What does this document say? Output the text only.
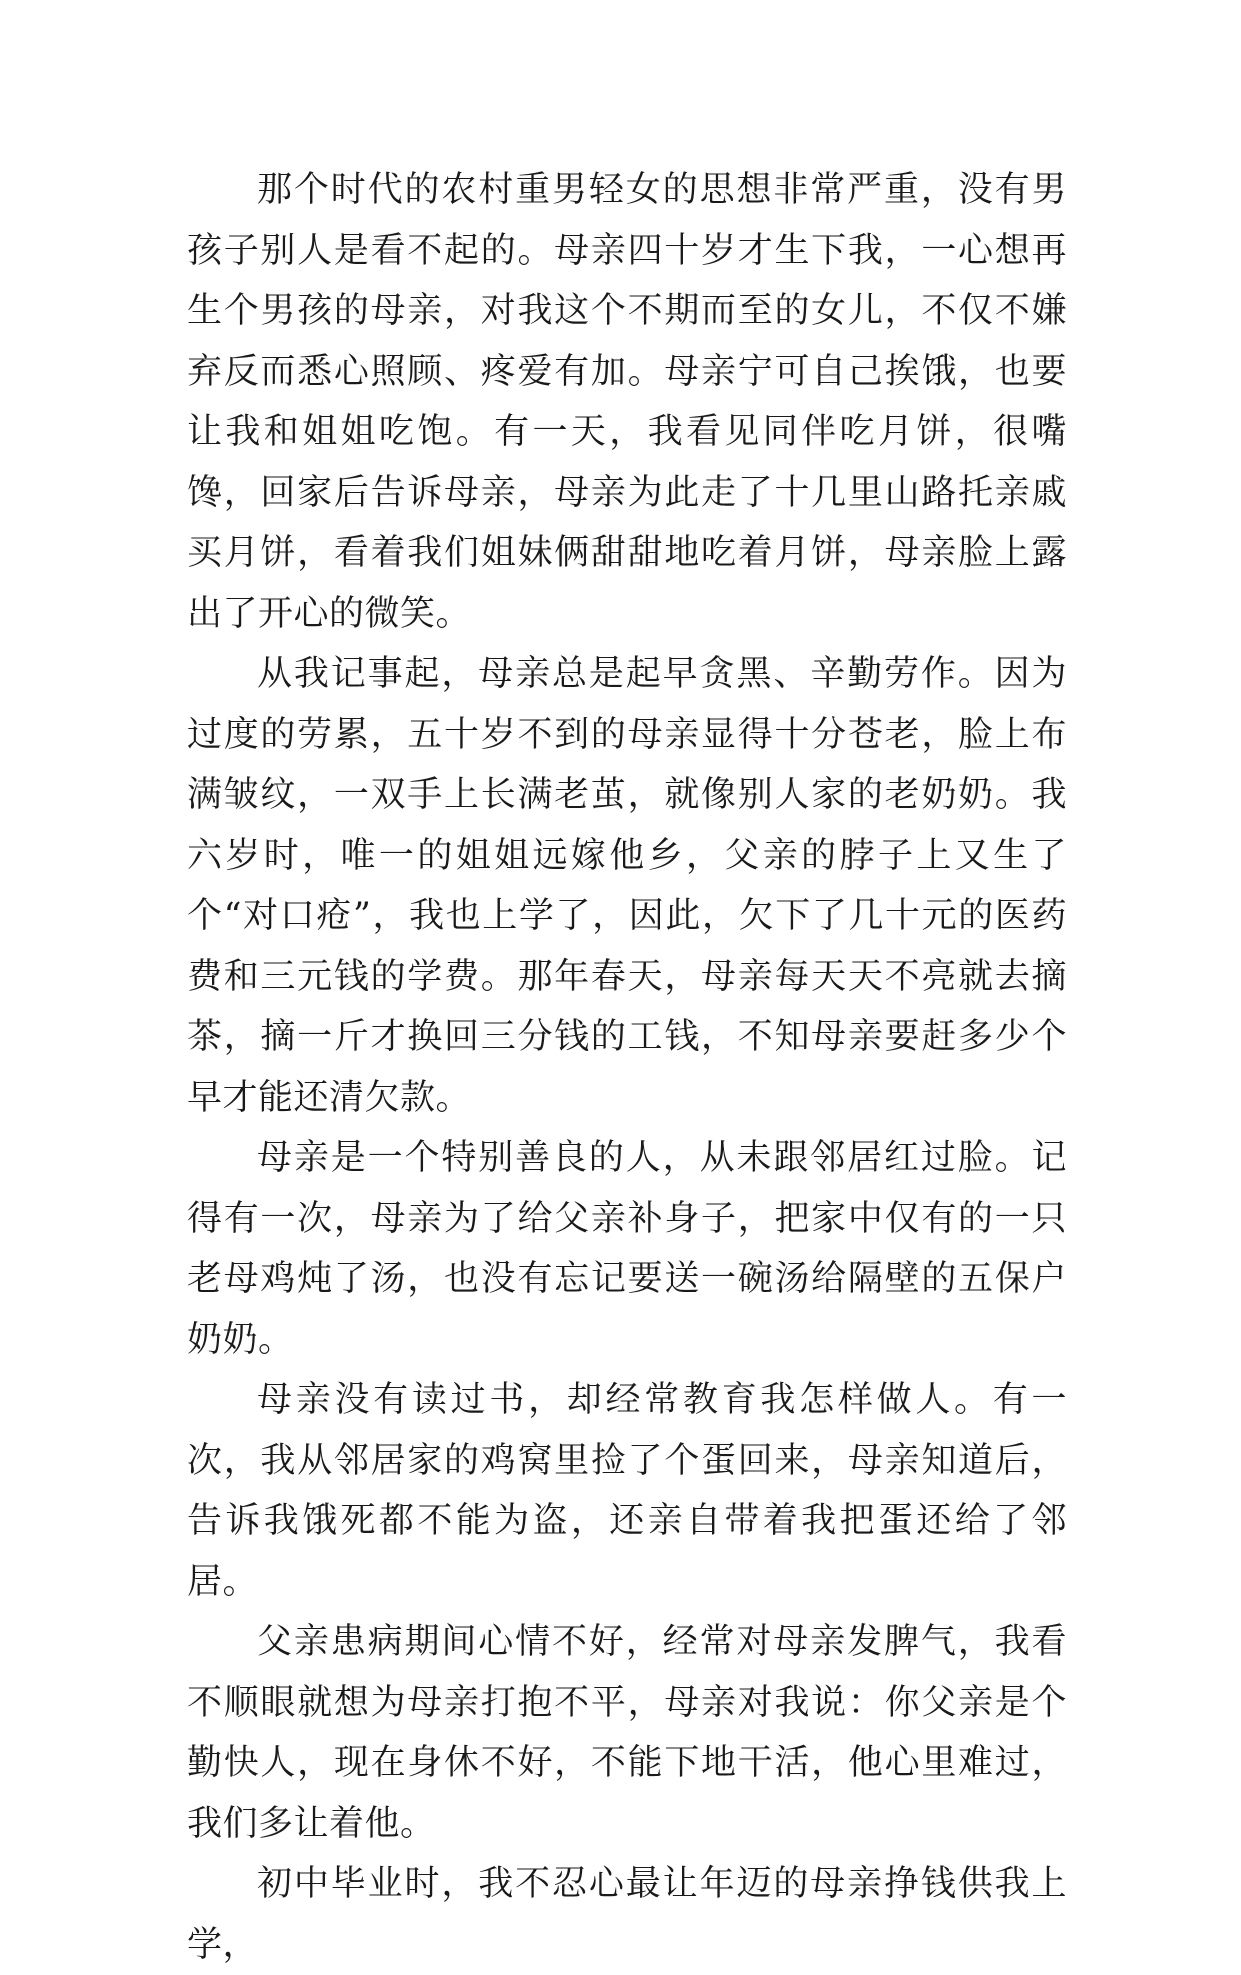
那个时代的农村重男轻女的思想非常严重，没有男孩子别人是看不起的。母亲四十岁才生下我，一心想再生个男孩的母亲，对我这个不期而至的女儿，不仅不嫌弃反而悉心照顾、疼爱有加。母亲宁可自己挨饿，也要让我和姐姐吃饱。有一天，我看见同伴吃月饼，很嘴馋，回家后告诉母亲，母亲为此走了十几里山路托亲戚买月饼，看着我们姐妹俩甜甜地吃着月饼，母亲脸上露出了开心的微笑。

从我记事起，母亲总是起早贪黑、辛勤劳作。因为过度的劳累，五十岁不到的母亲显得十分苍老，脸上布满皱纹，一双手上长满老茧，就像别人家的老奶奶。我六岁时，唯一的姐姐远嫁他乡，父亲的脖子上又生了个“对口疮”，我也上学了，因此，欠下了几十元的医药费和三元钱的学费。那年春天，母亲每天天不亮就去摘茶，摘一斤才换回三分钱的工钱，不知母亲要赶多少个早才能还清欠款。

母亲是一个特别善良的人，从未跟邻居红过脸。记得有一次，母亲为了给父亲补身子，把家中仅有的一只老母鸡炖了汤，也没有忘记要送一碗汤给隔壁的五保户奶奶。

母亲没有读过书，却经常教育我怎样做人。有一次，我从邻居家的鸡窝里捡了个蛋回来，母亲知道后，告诉我饿死都不能为盗，还亲自带着我把蛋还给了邻居。

父亲患病期间心情不好，经常对母亲发脾气，我看不顺眼就想为母亲打抱不平，母亲对我说：你父亲是个勤快人，现在身休不好，不能下地干活，他心里难过，我们多让着他。

初中毕业时，我不忍心最让年迈的母亲挣钱供我上学，
